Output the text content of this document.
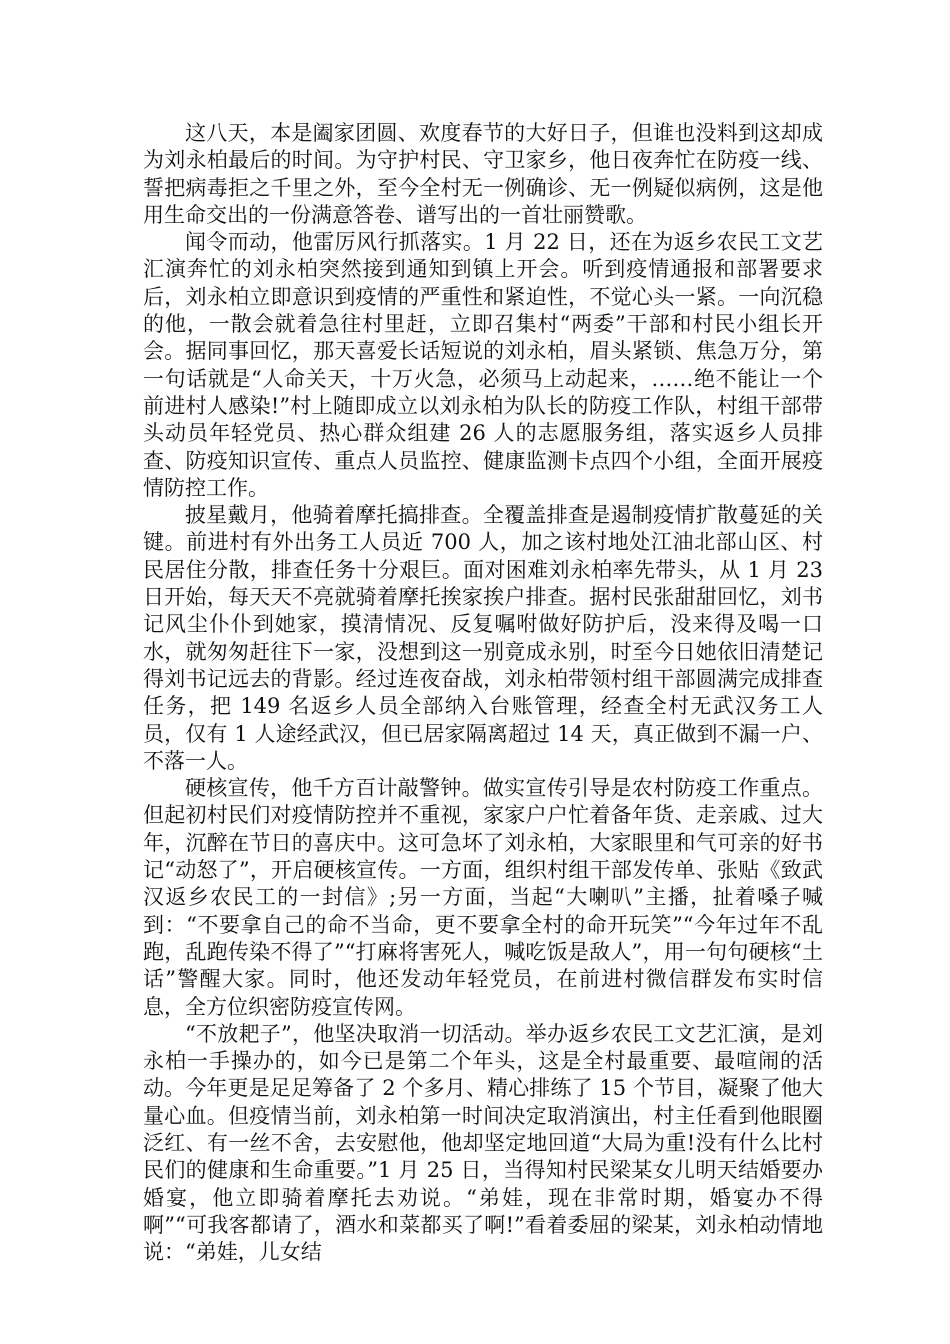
这八天，本是阖家团圆、欢度春节的大好日子，但谁也没料到这却成为刘永柏最后的时间。为守护村民、守卫家乡，他日夜奔忙在防疫一线、誓把病毒拒之千里之外，至今全村无一例确诊、无一例疑似病例，这是他用生命交出的一份满意答卷、谱写出的一首壮丽赞歌。

闻令而动，他雷厉风行抓落实。1 月 22 日，还在为返乡农民工文艺汇演奔忙的刘永柏突然接到通知到镇上开会。听到疫情通报和部署要求后，刘永柏立即意识到疫情的严重性和紧迫性，不觉心头一紧。一向沉稳的他，一散会就着急往村里赶，立即召集村“两委”干部和村民小组长开会。据同事回忆，那天喜爱长话短说的刘永柏，眉头紧锁、焦急万分，第一句话就是“人命关天，十万火急，必须马上动起来，……绝不能让一个前进村人感染!”村上随即成立以刘永柏为队长的防疫工作队，村组干部带头动员年轻党员、热心群众组建 26 人的志愿服务组，落实返乡人员排查、防疫知识宣传、重点人员监控、健康监测卡点四个小组，全面开展疫情防控工作。

披星戴月，他骑着摩托搞排查。全覆盖排查是遏制疫情扩散蔓延的关键。前进村有外出务工人员近 700 人，加之该村地处江油北部山区、村民居住分散，排查任务十分艰巨。面对困难刘永柏率先带头，从 1 月 23 日开始，每天天不亮就骑着摩托挨家挨户排查。据村民张甜甜回忆，刘书记风尘仆仆到她家，摸清情况、反复嘱咐做好防护后，没来得及喝一口水，就匆匆赶往下一家，没想到这一别竟成永别，时至今日她依旧清楚记得刘书记远去的背影。经过连夜奋战，刘永柏带领村组干部圆满完成排查任务，把 149 名返乡人员全部纳入台账管理，经查全村无武汉务工人员，仅有 1 人途经武汉，但已居家隔离超过 14 天，真正做到不漏一户、不落一人。

硬核宣传，他千方百计敲警钟。做实宣传引导是农村防疫工作重点。但起初村民们对疫情防控并不重视，家家户户忙着备年货、走亲戚、过大年，沉醉在节日的喜庆中。这可急坏了刘永柏，大家眼里和气可亲的好书记“动怒了”，开启硬核宣传。一方面，组织村组干部发传单、张贴《致武汉返乡农民工的一封信》;另一方面，当起“大喇叭”主播，扯着嗓子喊到：“不要拿自己的命不当命，更不要拿全村的命开玩笑”“今年过年不乱跑，乱跑传染不得了”“打麻将害死人，喊吃饭是敌人”，用一句句硬核“土话”警醒大家。同时，他还发动年轻党员，在前进村微信群发布实时信息，全方位织密防疫宣传网。

“不放耙子”，他坚决取消一切活动。举办返乡农民工文艺汇演，是刘永柏一手操办的，如今已是第二个年头，这是全村最重要、最喧闹的活动。今年更是足足筹备了 2 个多月、精心排练了 15 个节目，凝聚了他大量心血。但疫情当前，刘永柏第一时间决定取消演出，村主任看到他眼圈泛红、有一丝不舍，去安慰他，他却坚定地回道“大局为重!没有什么比村民们的健康和生命重要。”1 月 25 日，当得知村民梁某女儿明天结婚要办婚宴，他立即骑着摩托去劝说。“弟娃，现在非常时期，婚宴办不得啊”“可我客都请了，酒水和菜都买了啊!”看着委屈的梁某，刘永柏动情地说：“弟娃，儿女结
